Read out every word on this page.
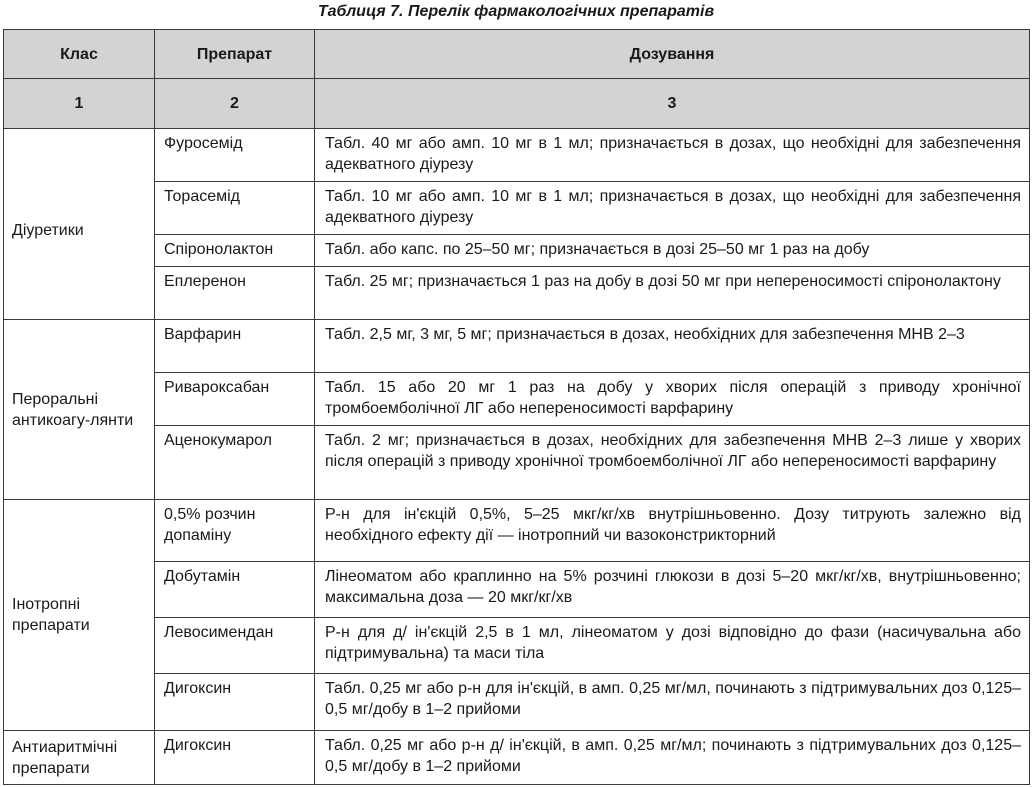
Таблиця 7. Перелік фармакологічних препаратів
Клас	Препарат	Дозування
1	2	3
Діуретики	Фуросемід	Табл. 40 мг або амп. 10 мг в 1 мл; призначається в дозах, що необхідні для забезпечення адекватного діурезу
	Торасемід	Табл. 10 мг або амп. 10 мг в 1 мл; призначається в дозах, що необхідні для забезпечення адекватного діурезу
	Спіронолактон	Табл. або капс. по 25–50 мг; призначається в дозі 25–50 мг 1 раз на добу
	Еплеренон	Табл. 25 мг; призначається 1 раз на добу в дозі 50 мг при непереносимості спіронолактону
Пероральні антикоагу-лянти	Варфарин	Табл. 2,5 мг, 3 мг, 5 мг; призначається в дозах, необхідних для забезпечення МНВ 2–3
	Ривароксабан	Табл. 15 або 20 мг 1 раз на добу у хворих після операцій з приводу хронічної тромбоемболічної ЛГ або непереносимості варфарину
	Аценокумарол	Табл. 2 мг; призначається в дозах, необхідних для забезпечення МНВ 2–3 лише у хворих після операцій з приводу хронічної тромбоемболічної ЛГ або непереносимості варфарину
Інотропні препарати	0,5% розчин допаміну	Р-н для ін'єкцій 0,5%, 5–25 мкг/кг/хв внутрішньовенно. Дозу титрують залежно від необхідного ефекту дії — інотропний чи вазоконстрикторний
	Добутамін	Лінеоматом або краплинно на 5% розчині глюкози в дозі 5–20 мкг/кг/хв, внутрішньовенно; максимальна доза — 20 мкг/кг/хв
	Левосимендан	Р-н для д/ ін'єкцій 2,5 в 1 мл, лінеоматом у дозі відповідно до фази (насичувальна або підтримувальна) та маси тіла
	Дигоксин	Табл. 0,25 мг або р-н для ін'єкцій, в амп. 0,25 мг/мл, починають з підтримувальних доз 0,125–0,5 мг/добу в 1–2 прийоми
Антиаритмічні препарати	Дигоксин	Табл. 0,25 мг або р-н д/ ін'єкцій, в амп. 0,25 мг/мл; починають з підтримувальних доз 0,125–0,5 мг/добу в 1–2 прийоми
